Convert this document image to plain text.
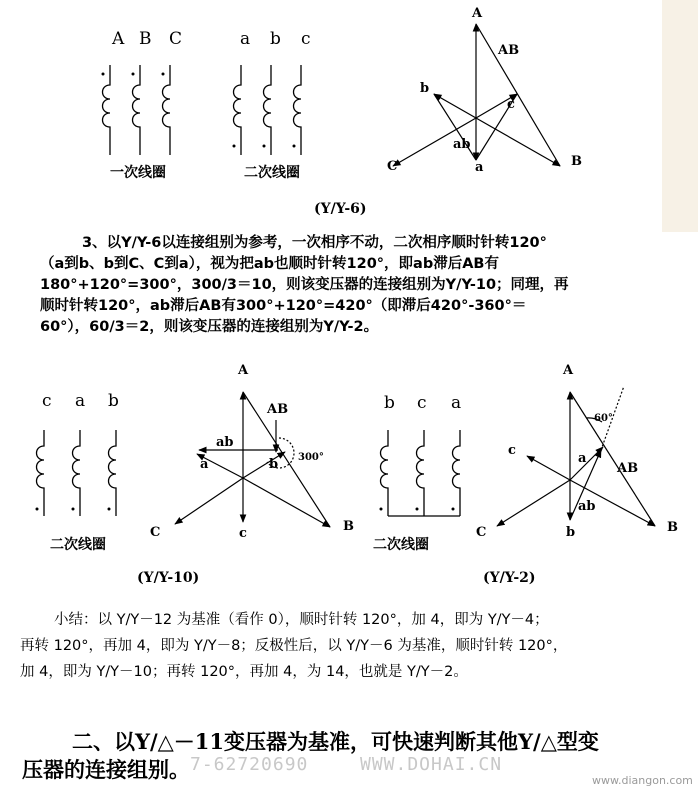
A B C	a b c
一次线圈	二次线圈
A
B
C
AB
a
b
c
ab
(Y/Y-6)
c a b
二次线圈
A
B
C
AB
a	b
c
ab
300°
(Y/Y-10)
b c a
二次线圈
A
B
C
AB
a
b
c
ab
60°
(Y/Y-2)
3、以Y/Y-6以连接组别为参考，一次相序不动，二次相序顺时针转120°
（a到b、b到C、C到a），视为把ab也顺时针转120°，即ab滞后AB有
180°+120°=300°，300/3＝10，则该变压器的连接组别为Y/Y-10；同理，再
顺时针转120°，ab滞后AB有300°+120°=420°（即滞后420°-360°＝
60°），60/3＝2，则该变压器的连接组别为Y/Y-2。
小结：以 Y/Y－12 为基准（看作 0），顺时针转 120°，加 4，即为 Y/Y－4；
再转 120°，再加 4，即为 Y/Y－8；反极性后，以 Y/Y－6 为基准，顺时针转 120°，
加 4，即为 Y/Y－10；再转 120°，再加 4，为 14，也就是 Y/Y－2。
二、以Y/△－11变压器为基准，可快速判断其他Y/△型变
压器的连接组别。 7-62720690	WWW.DOHAI.CN
www.diangon.com
